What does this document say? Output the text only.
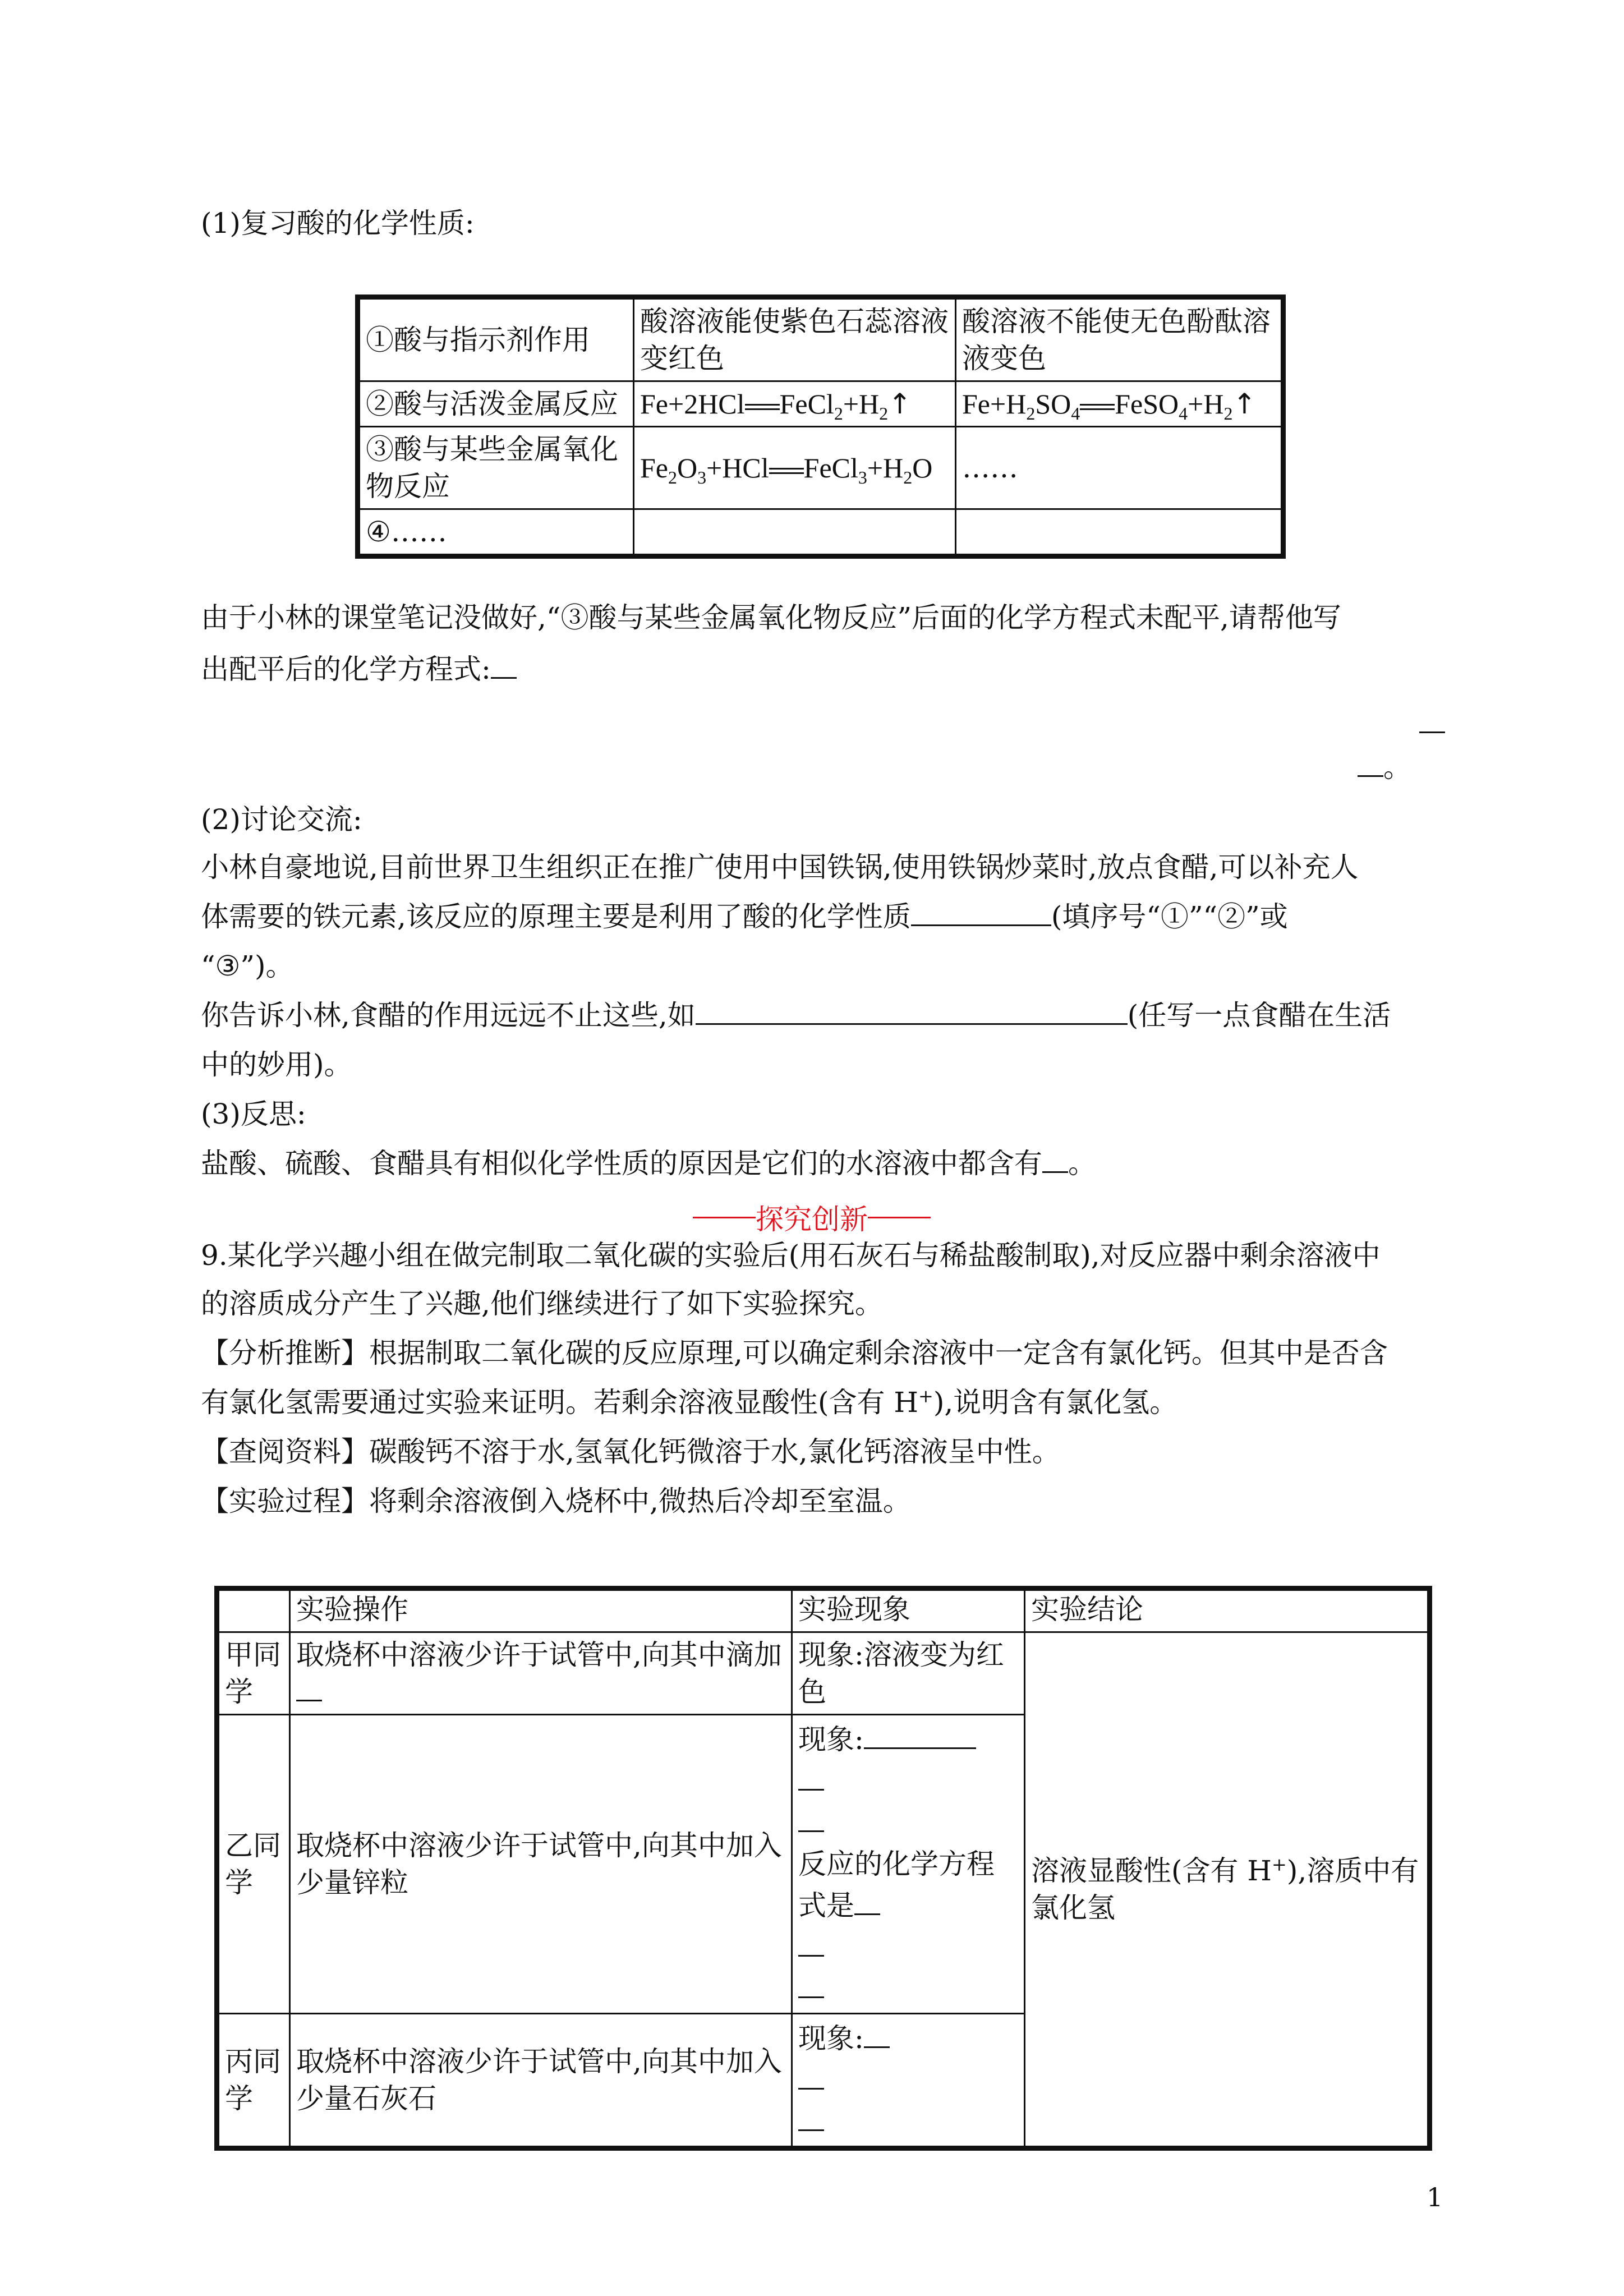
(1)复习酸的化学性质:

①酸与指示剂作用	酸溶液能使紫色石蕊溶液变红色	酸溶液不能使无色酚酞溶液变色
②酸与活泼金属反应	Fe+2HCl $FeCl_2+H_2↑$	$Fe+H_2SO_4$ $FeSO_4+H_2↑$
③酸与某些金属氧化物反应	$Fe_2O_3+HCl$ $FeCl_3+H_2O$	……
④……		

由于小林的课堂笔记没做好,“③酸与某些金属氧化物反应”后面的化学方程式未配平,请帮他写

出配平后的化学方程式:

。

(2)讨论交流:

小林自豪地说,目前世界卫生组织正在推广使用中国铁锅,使用铁锅炒菜时,放点食醋,可以补充人

体需要的铁元素,该反应的原理主要是利用了酸的化学性质	(填序号“①”“②”或

“③”)。

你告诉小林,食醋的作用远远不止这些,如	(任写一点食醋在生活

中的妙用)。

(3)反思:

盐酸、硫酸、食醋具有相似化学性质的原因是它们的水溶液中都含有 。

探究创新

9.某化学兴趣小组在做完制取二氧化碳的实验后(用石灰石与稀盐酸制取),对反应器中剩余溶液中

的溶质成分产生了兴趣,他们继续进行了如下实验探究。

【分析推断】根据制取二氧化碳的反应原理,可以确定剩余溶液中一定含有氯化钙。但其中是否含

有氯化氢需要通过实验来证明。若剩余溶液显酸性(含有 H+),说明含有氯化氢。

【查阅资料】碳酸钙不溶于水,氢氧化钙微溶于水,氯化钙溶液呈中性。

【实验过程】将剩余溶液倒入烧杯中,微热后冷却至室温。

	实验操作	实验现象	实验结论
甲同学	取烧杯中溶液少许于试管中,向其中滴加	现象:溶液变为红色	溶液显酸性(含有 H+),溶质中有氯化氢
乙同学	取烧杯中溶液少许于试管中,向其中加入少量锌粒	现象:
反应的化学方程式是	

丙同学	取烧杯中溶液少许于试管中,向其中加入少量石灰石	现象:	
1
